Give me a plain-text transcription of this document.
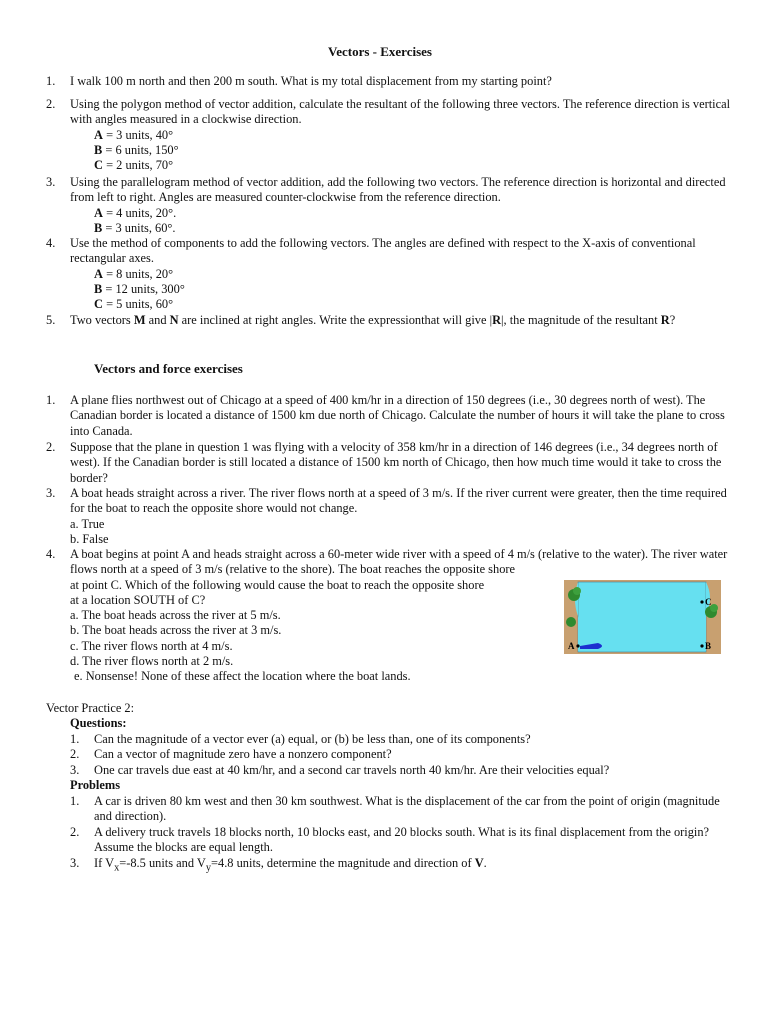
Vectors - Exercises
1. I walk 100 m north and then 200 m south. What is my total displacement from my starting point?
2. Using the polygon method of vector addition, calculate the resultant of the following three vectors. The reference direction is vertical with angles measured in a clockwise direction.
A = 3 units, 40°
B = 6 units, 150°
C = 2 units, 70°
3. Using the parallelogram method of vector addition, add the following two vectors. The reference direction is horizontal and directed from left to right. Angles are measured counter-clockwise from the reference direction.
A = 4 units, 20°.
B = 3 units, 60°.
4. Use the method of components to add the following vectors. The angles are defined with respect to the X-axis of conventional rectangular axes.
A = 8 units, 20°
B = 12 units, 300°
C = 5 units, 60°
5. Two vectors M and N are inclined at right angles. Write the expressionthat will give |R|, the magnitude of the resultant R?
Vectors and force exercises
1. A plane flies northwest out of Chicago at a speed of 400 km/hr in a direction of 150 degrees (i.e., 30 degrees north of west). The Canadian border is located a distance of 1500 km due north of Chicago. Calculate the number of hours it will take the plane to cross into Canada.
2. Suppose that the plane in question 1 was flying with a velocity of 358 km/hr in a direction of 146 degrees (i.e., 34 degrees north of west). If the Canadian border is still located a distance of 1500 km north of Chicago, then how much time would it take to cross the border?
3. A boat heads straight across a river. The river flows north at a speed of 3 m/s. If the river current were greater, then the time required for the boat to reach the opposite shore would not change.
a. True
b. False
4. A boat begins at point A and heads straight across a 60-meter wide river with a speed of 4 m/s (relative to the water). The river water flows north at a speed of 3 m/s (relative to the shore). The boat reaches the opposite shore
at point C. Which of the following would cause the boat to reach the opposite shore
at a location SOUTH of C?
a. The boat heads across the river at 5 m/s.
b. The boat heads across the river at 3 m/s.
c. The river flows north at 4 m/s.
d. The river flows north at 2 m/s.
e. Nonsense! None of these affect the location where the boat lands.
A	B
C
Vector Practice 2:
Questions:
1. Can the magnitude of a vector ever (a) equal, or (b) be less than, one of its components?
2. Can a vector of magnitude zero have a nonzero component?
3. One car travels due east at 40 km/hr, and a second car travels north 40 km/hr. Are their velocities equal?
Problems
1. A car is driven 80 km west and then 30 km southwest. What is the displacement of the car from the point of origin (magnitude and direction).
2. A delivery truck travels 18 blocks north, 10 blocks east, and 20 blocks south. What is its final displacement from the origin? Assume the blocks are equal length.
3. If $V_x=-8.5$ units and $V_y=4.8$ units, determine the magnitude and direction of V.
